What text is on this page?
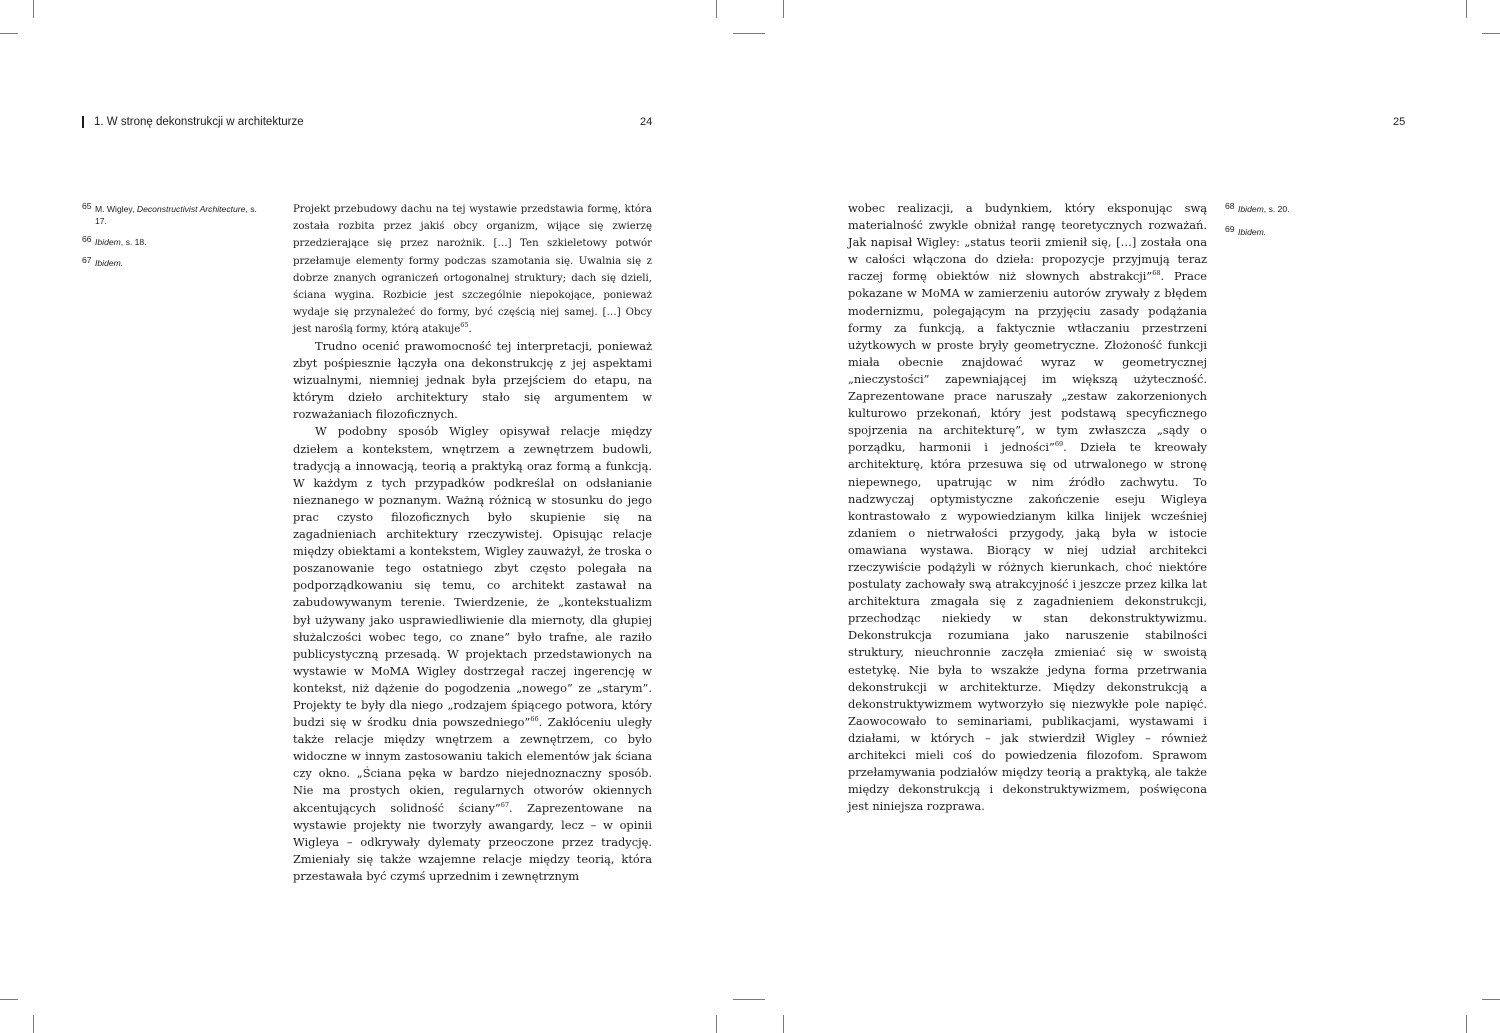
1. W stronę dekonstrukcji w architekturze	24	25
65 M. Wigley, Deconstructivist Architecture, s. 17.
66 Ibidem, s. 18.
67 Ibidem.
Projekt przebudowy dachu na tej wystawie przedstawia formę, która została rozbita przez jakiś obcy organizm, wijące się zwierzę przedzierające się przez narożnik. […] Ten szkieletowy potwór przełamuje elementy formy podczas szamotania się. Uwalnia się z dobrze znanych ograniczeń ortogonalnej struktury; dach się dzieli, ściana wygina. Rozbicie jest szczególnie niepokojące, ponieważ wydaje się przynależeć do formy, być częścią niej samej. […] Obcy jest naroślą formy, którą atakuje$^{65}$.

Trudno ocenić prawomocność tej interpretacji, ponieważ zbyt pośpiesznie łączyła ona dekonstrukcję z jej aspektami wizualnymi, niemniej jednak była przejściem do etapu, na którym dzieło architektury stało się argumentem w rozważaniach filozoficznych.

W podobny sposób Wigley opisywał relacje między dziełem a kontekstem, wnętrzem a zewnętrzem budowli, tradycją a innowacją, teorią a praktyką oraz formą a funkcją. W każdym z tych przypadków podkreślał on odsłanianie nieznanego w poznanym. Ważną różnicą w stosunku do jego prac czysto filozoficznych było skupienie się na zagadnieniach architektury rzeczywistej. Opisując relacje między obiektami a kontekstem, Wigley zauważył, że troska o poszanowanie tego ostatniego zbyt często polegała na podporządkowaniu się temu, co architekt zastawał na zabudowywanym terenie. Twierdzenie, że „kontekstualizm był używany jako usprawiedliwienie dla miernoty, dla głupiej służalczości wobec tego, co znane” było trafne, ale raziło publicystyczną przesadą. W projektach przedstawionych na wystawie w MoMA Wigley dostrzegał raczej ingerencję w kontekst, niż dążenie do pogodzenia „nowego” ze „starym”. Projekty te były dla niego „rodzajem śpiącego potwora, który budzi się w środku dnia powszedniego”$^{66}$. Zakłóceniu uległy także relacje między wnętrzem a zewnętrzem, co było widoczne w innym zastosowaniu takich elementów jak ściana czy okno. „Ściana pęka w bardzo niejednoznaczny sposób. Nie ma prostych okien, regularnych otworów okiennych akcentujących solidność ściany”$^{67}$. Zaprezentowane na wystawie projekty nie tworzyły awangardy, lecz – w opinii Wigleya – odkrywały dylematy przeoczone przez tradycję. Zmieniały się także wzajemne relacje między teorią, która przestawała być czymś uprzednim i zewnętrznym

wobec realizacji, a budynkiem, który eksponując swą materialność zwykle obniżał rangę teoretycznych rozważań. Jak napisał Wigley: „status teorii zmienił się, […] została ona w całości włączona do dzieła: propozycje przyjmują teraz raczej formę obiektów niż słownych abstrakcji”$^{68}$. Prace pokazane w MoMA w zamierzeniu autorów zrywały z błędem modernizmu, polegającym na przyjęciu zasady podążania formy za funkcją, a faktycznie wtłaczaniu przestrzeni użytkowych w proste bryły geometryczne. Złożoność funkcji miała obecnie znajdować wyraz w geometrycznej „nieczystości” zapewniającej im większą użyteczność. Zaprezentowane prace naruszały „zestaw zakorzenionych kulturowo przekonań, który jest podstawą specyficznego spojrzenia na architekturę”, w tym zwłaszcza „sądy o porządku, harmonii i jedności”$^{69}$. Dzieła te kreowały architekturę, która przesuwa się od utrwalonego w stronę niepewnego, upatrując w nim źródło zachwytu. To nadzwyczaj optymistyczne zakończenie eseju Wigleya kontrastowało z wypowiedzianym kilka linijek wcześniej zdaniem o nietrwałości przygody, jaką była w istocie omawiana wystawa. Biorący w niej udział architekci rzeczywiście podążyli w różnych kierunkach, choć niektóre postulaty zachowały swą atrakcyjność i jeszcze przez kilka lat architektura zmagała się z zagadnieniem dekonstrukcji, przechodząc niekiedy w stan dekonstruktywizmu. Dekonstrukcja rozumiana jako naruszenie stabilności struktury, nieuchronnie zaczęła zmieniać się w swoistą estetykę. Nie była to wszakże jedyna forma przetrwania dekonstrukcji w architekturze. Między dekonstrukcją a dekonstruktywizmem wytworzyło się niezwykłe pole napięć. Zaowocowało to seminariami, publikacjami, wystawami i działami, w których – jak stwierdził Wigley – również architekci mieli coś do powiedzenia filozofom. Sprawom przełamywania podziałów między teorią a praktyką, ale także między dekonstrukcją i dekonstruktywizmem, poświęcona jest niniejsza rozprawa.

68 Ibidem, s. 20.
69 Ibidem.
